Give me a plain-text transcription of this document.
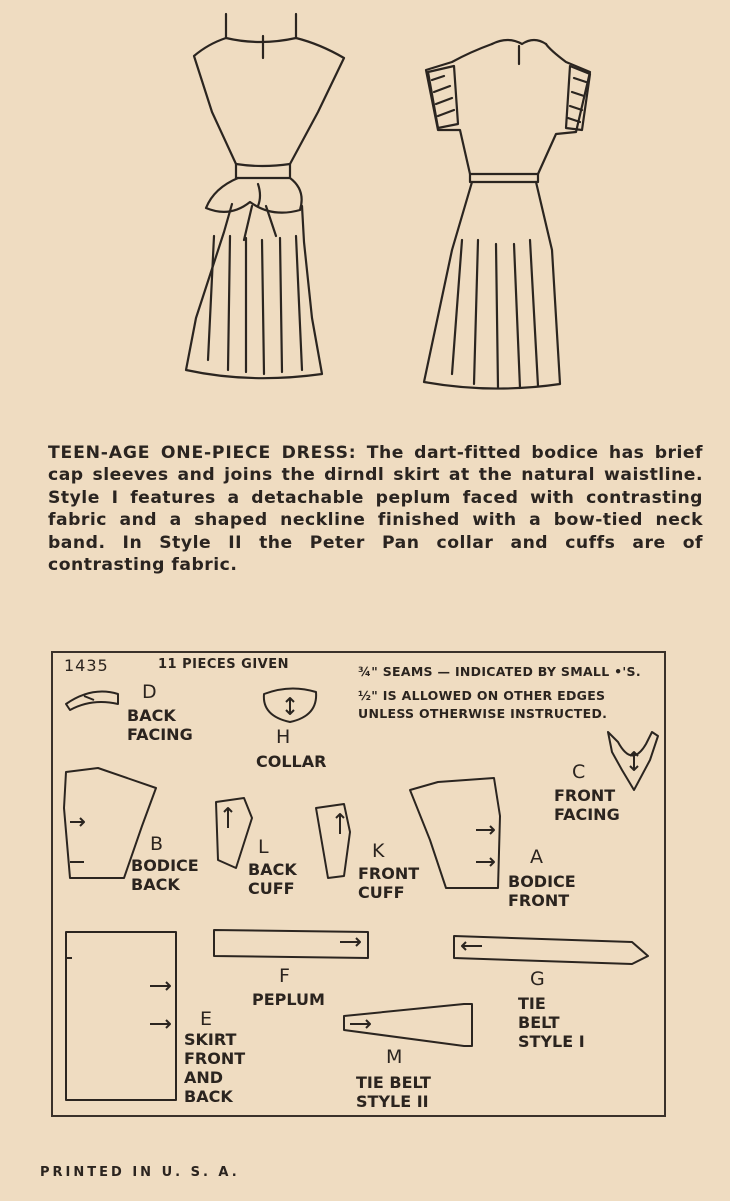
TEEN-AGE ONE-PIECE DRESS: The dart-fitted bodice has brief cap sleeves and joins the dirndl skirt at the natural waistline. Style I features a detachable peplum faced with contrasting fabric and a shaped neckline finished with a bow-tied neck band. In Style II the Peter Pan collar and cuffs are of contrasting fabric.
1435	11 PIECES GIVEN	¾" SEAMS — INDICATED BY SMALL •'S.
½" IS ALLOWED ON OTHER EDGES
UNLESS OTHERWISE INSTRUCTED.
D
BACK
FACING	H
COLLAR	C
FRONT
FACING
B
BODICE
BACK
L
BACK
CUFF
K
FRONT
CUFF
A
BODICE
FRONT
F
PEPLUM
G
TIE
BELT
STYLE I
E
SKIRT
FRONT
AND
BACK
M
TIE BELT
STYLE II
PRINTED IN U. S. A.
